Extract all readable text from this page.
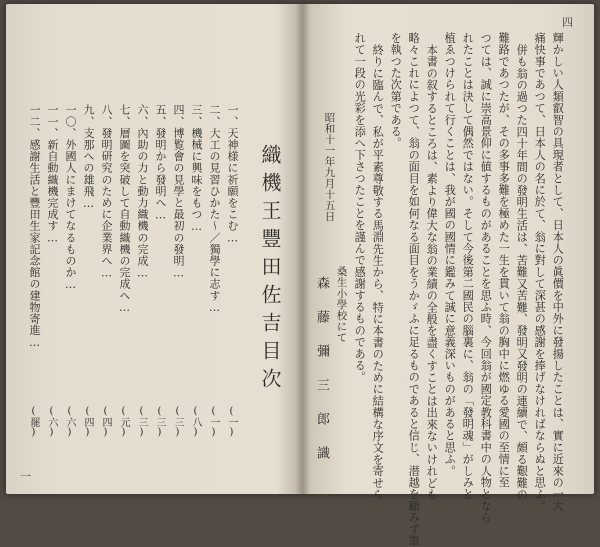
四
輝かしい人類叡智の具現者として、日本人の眞價を中外に發揚したことは、實に近來の一大
痛快事であつて、日本人の名に於て、翁に對して深甚の感謝を捧げなければならぬと思ふ。
併も翁の過つた四十年間の發明生活は、苦難又苦難、發明又發明の連續で、頗る艱難の
難路であつたが、その多事多難を極めた一生を貫いて翁の胸中に燃ゆる愛國の至情に至
つては、誠に崇高景仰に値するものがあることを思ふ時、今回翁が國定教科書中の人物となら
れたことは決して偶然ではない。そして今後第二國民の腦裏に、翁の「發明魂」がしみと
植ゑつけられて行くことは、我が國の國情に鑑みて誠に意義深いものがあると思ふ。
本書の叙するところは、素より偉大な翁の業績の全般を盡くすことは出來ないけれども
略々これによつて、翁の面目を如何なる面目をうかゞふに足るものであると信じ、潜越を顧みず筆
を執つた次第である。
終りに臨んで、私が平素尊敬する馬淵先生から、特に本書のために結構な序文を寄せら
れて一段の光彩を添へ下さつたことを謹んで感謝するものである。
昭和十一年九月十五日
桑生小學校にて
森 藤 彌 三 郎 識
一
織機王豐田佐吉目次
一、天神様に祈願をこむ…
(一)
二、大工の見習ひかた〜／獨學に志す…
(一)
三、機械に興味をもつ…
(八)
四、博覧會の見學と最初の發明…
(三)
五、發明から發明へ…
(三)
六、內助の力と動力織機の完成…
(三)
七、層圖を突破して自動織機の完成へ…
(元)
八、發明研究のために企業界へ…
(四)
九、支那への雄飛…
(四)
一〇、外國人にまけてなるものか…
(六)
一一、新自動織機完成す…
(六)
一二、感謝生活と豐田生家記念館の建物寄進…
(罷)
